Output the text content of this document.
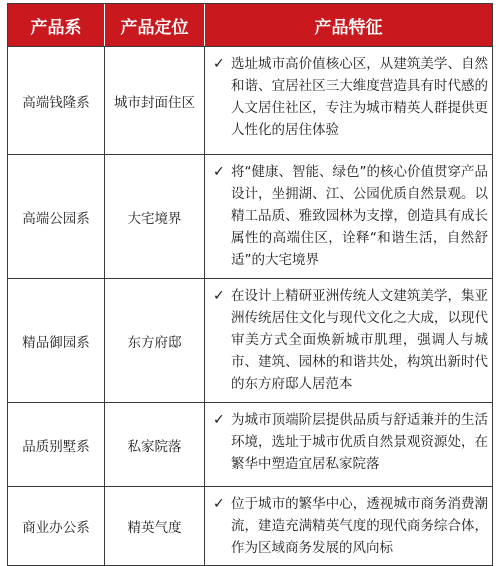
产品系	产品定位	产品特征
高端钱隆系	城市封面住区
✓ 选址城市高价值核心区，从建筑美学、自然和谐、宜居社区三大维度营造具有时代感的人文居住社区，专注为城市精英人群提供更人性化的居住体验
高端公园系	大宅境界
✓ 将“健康、智能、绿色”的核心价值贯穿产品设计，坐拥湖、江、公园优质自然景观。以精工品质、雅致园林为支撑，创造具有成长属性的高端住区，诠释“和谐生活，自然舒适”的大宅境界
精品御园系	东方府邸
✓ 在设计上精研亚洲传统人文建筑美学，集亚洲传统居住文化与现代文化之大成，以现代审美方式全面焕新城市肌理，强调人与城市、建筑、园林的和谐共处，构筑出新时代的东方府邸人居范本
品质别墅系	私家院落
✓ 为城市顶端阶层提供品质与舒适兼并的生活环境，选址于城市优质自然景观资源处，在繁华中塑造宜居私家院落
商业办公系	精英气度
✓ 位于城市的繁华中心，透视城市商务消费潮流，建造充满精英气度的现代商务综合体，作为区域商务发展的风向标
